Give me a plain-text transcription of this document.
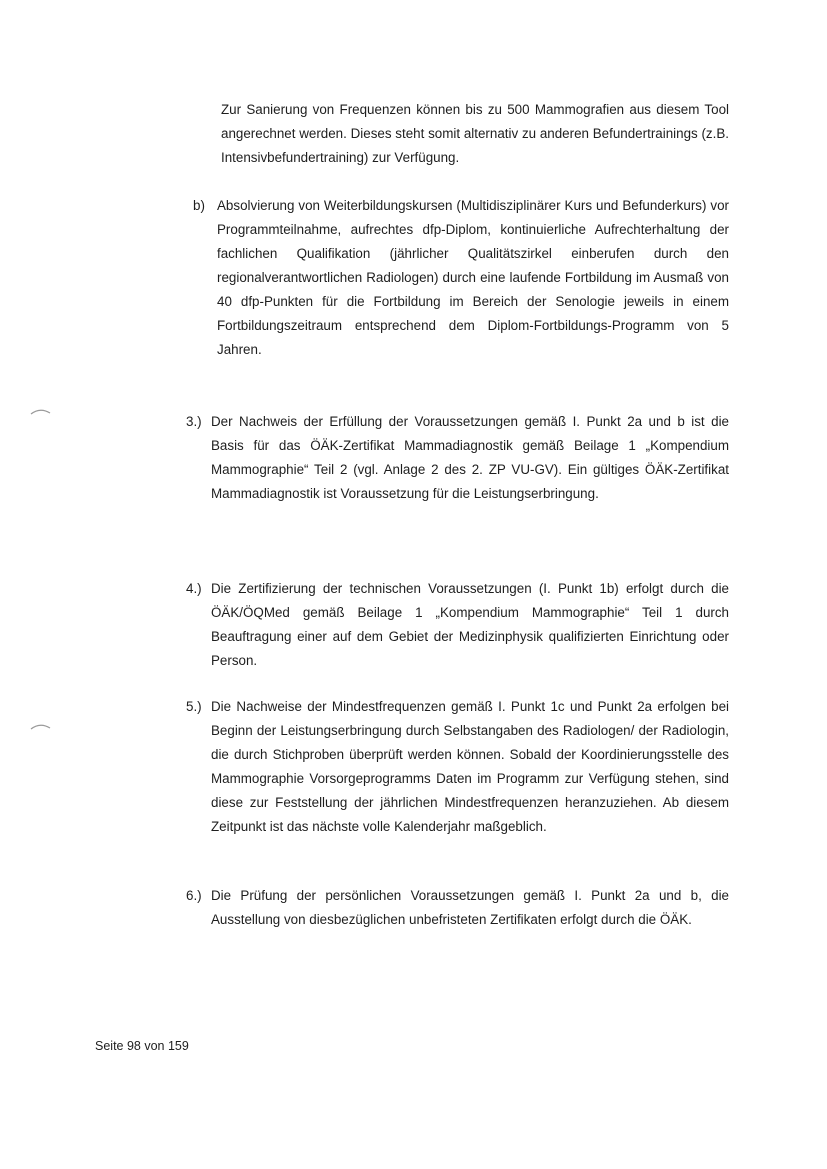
Zur Sanierung von Frequenzen können bis zu 500 Mammografien aus diesem Tool angerechnet werden. Dieses steht somit alternativ zu anderen Befundertrainings (z.B. Intensivbefundertraining) zur Verfügung.
b) Absolvierung von Weiterbildungskursen (Multidisziplinärer Kurs und Befunderkurs) vor Programmteilnahme, aufrechtes dfp-Diplom, kontinuierliche Aufrechterhaltung der fachlichen Qualifikation (jährlicher Qualitätszirkel einberufen durch den regionalverantwortlichen Radiologen) durch eine laufende Fortbildung im Ausmaß von 40 dfp-Punkten für die Fortbildung im Bereich der Senologie jeweils in einem Fortbildungszeitraum entsprechend dem Diplom-Fortbildungs-Programm von 5 Jahren.
3.) Der Nachweis der Erfüllung der Voraussetzungen gemäß I. Punkt 2a und b ist die Basis für das ÖÄK-Zertifikat Mammadiagnostik gemäß Beilage 1 „Kompendium Mammographie“ Teil 2 (vgl. Anlage 2 des 2. ZP VU-GV). Ein gültiges ÖÄK-Zertifikat Mammadiagnostik ist Voraussetzung für die Leistungserbringung.
4.) Die Zertifizierung der technischen Voraussetzungen (I. Punkt 1b) erfolgt durch die ÖÄK/ÖQMed gemäß Beilage 1 „Kompendium Mammographie“ Teil 1 durch Beauftragung einer auf dem Gebiet der Medizinphysik qualifizierten Einrichtung oder Person.
5.) Die Nachweise der Mindestfrequenzen gemäß I. Punkt 1c und Punkt 2a erfolgen bei Beginn der Leistungserbringung durch Selbstangaben des Radiologen/ der Radiologin, die durch Stichproben überprüft werden können. Sobald der Koordinierungsstelle des Mammographie Vorsorgeprogramms Daten im Programm zur Verfügung stehen, sind diese zur Feststellung der jährlichen Mindestfrequenzen heranzuziehen. Ab diesem Zeitpunkt ist das nächste volle Kalenderjahr maßgeblich.
6.) Die Prüfung der persönlichen Voraussetzungen gemäß I. Punkt 2a und b, die Ausstellung von diesbezüglichen unbefristeten Zertifikaten erfolgt durch die ÖÄK.
Seite 98 von 159
